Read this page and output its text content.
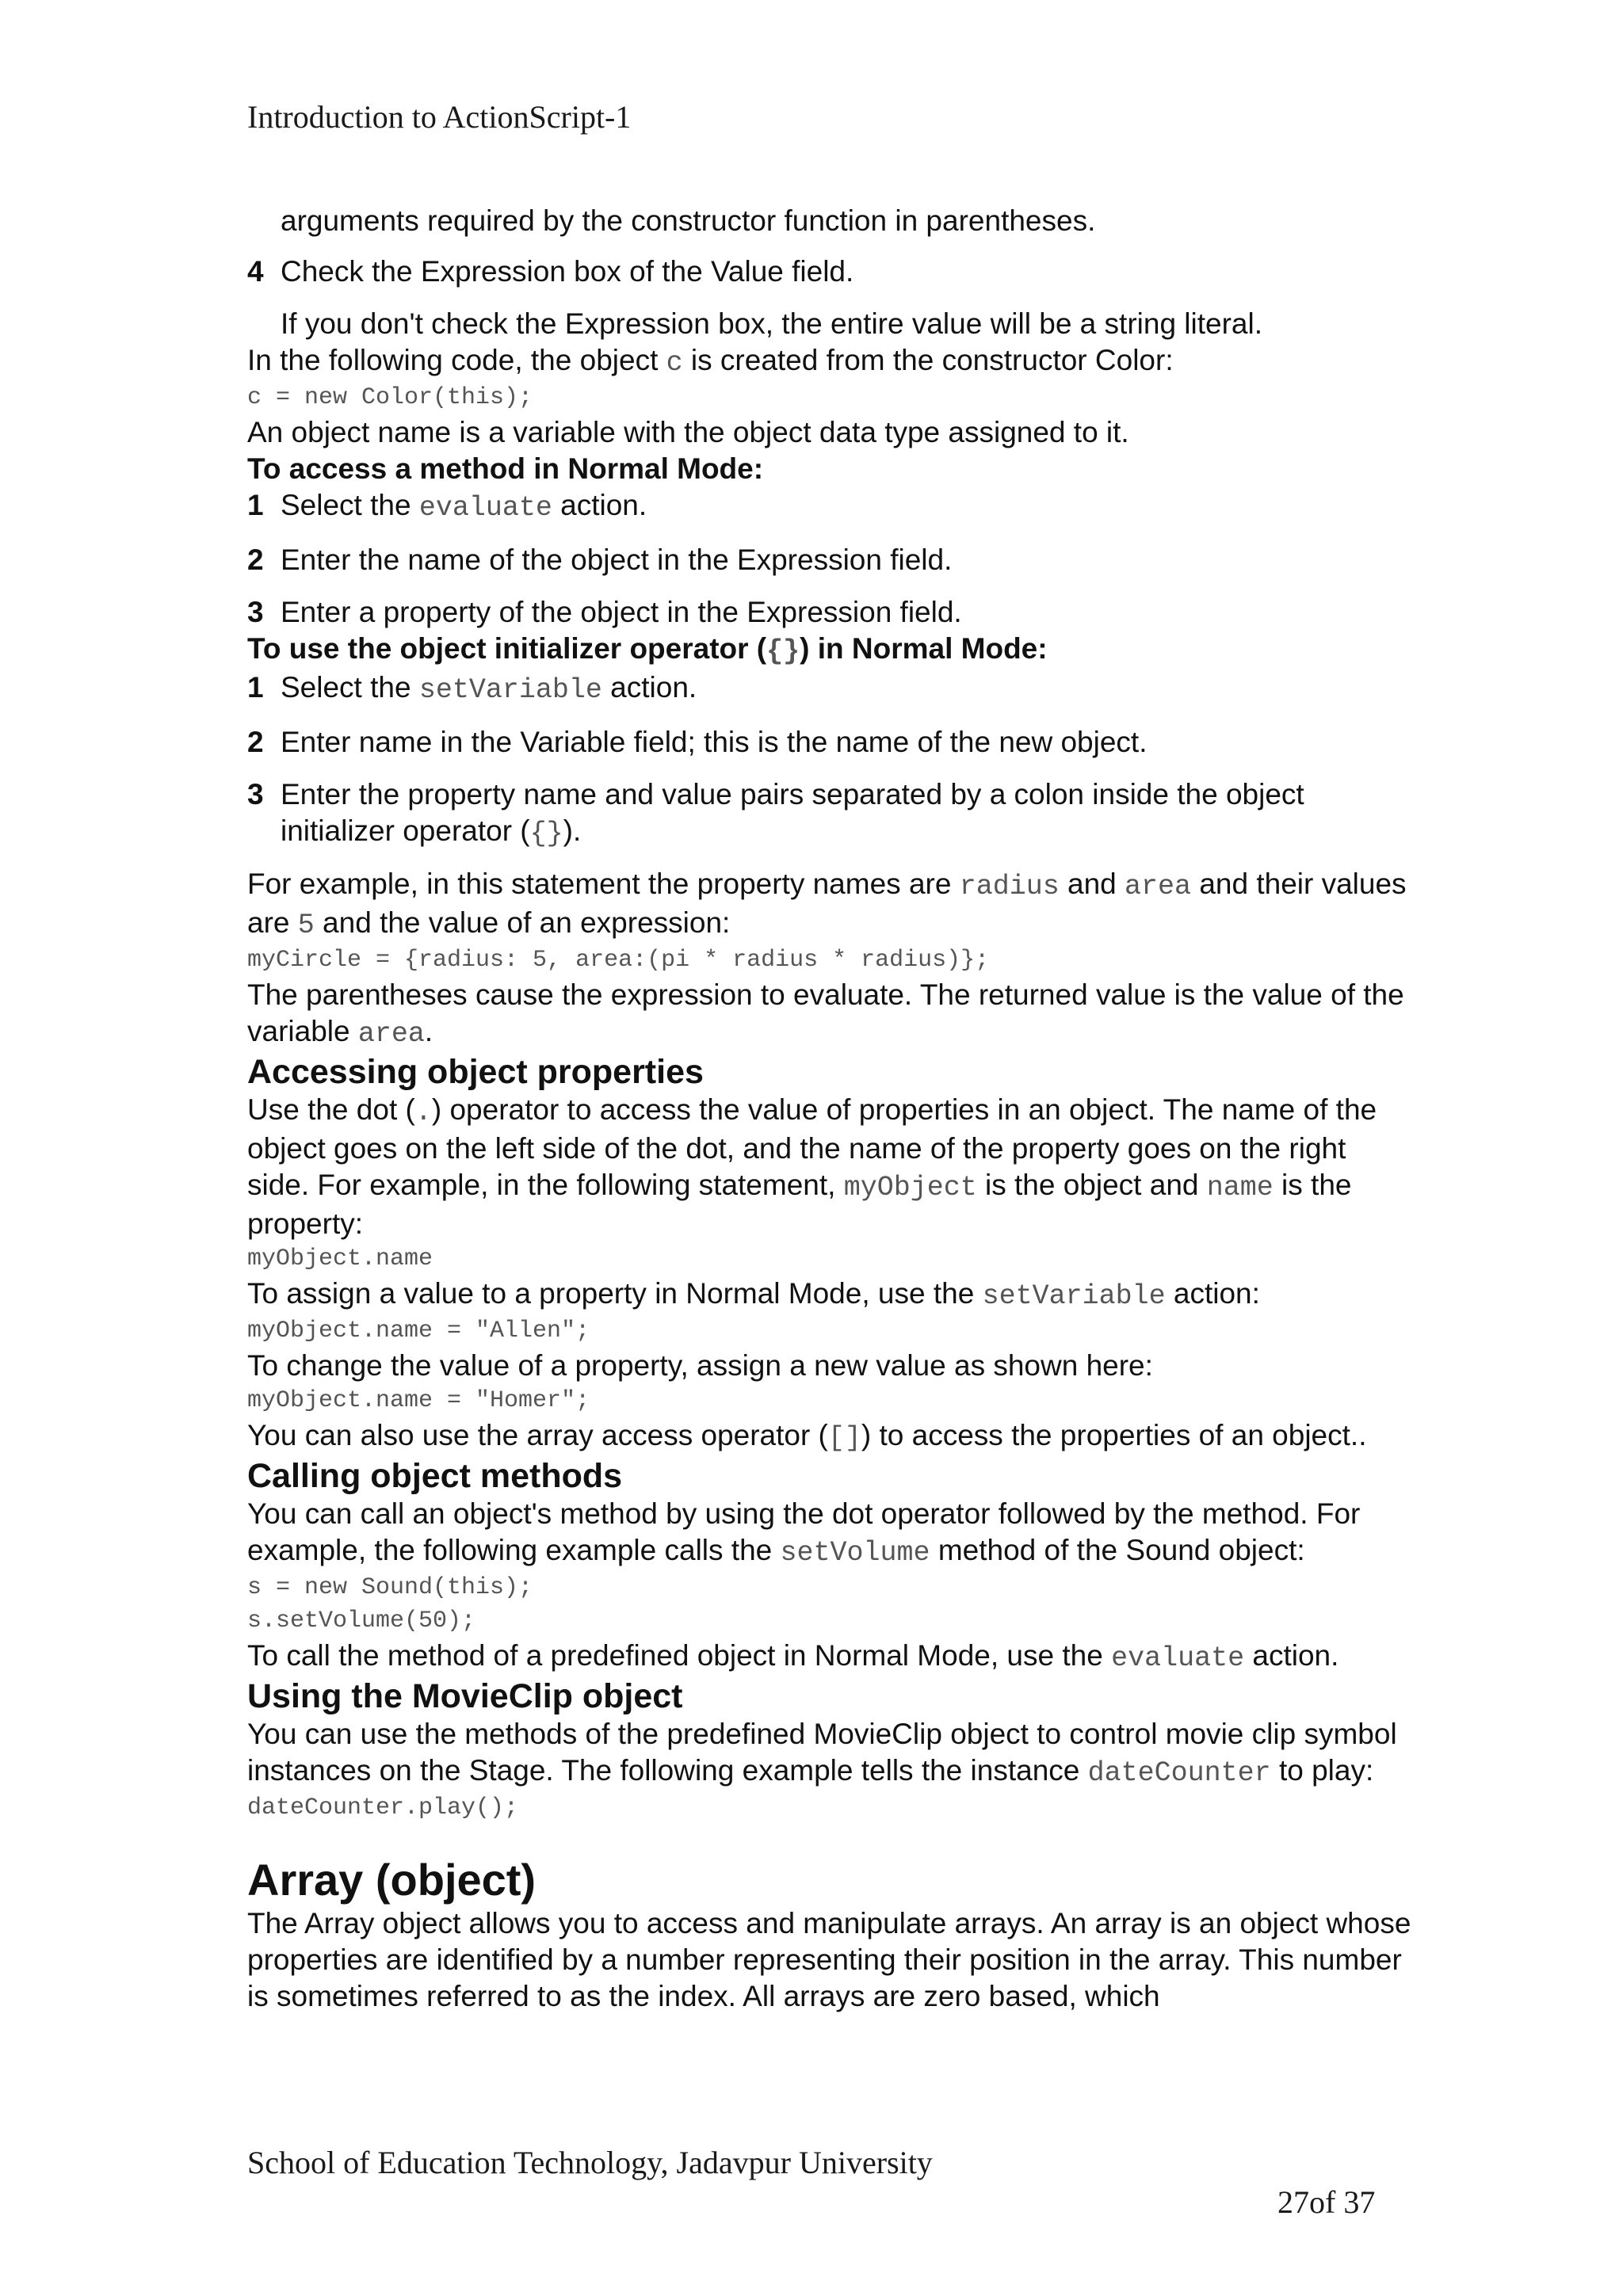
Introduction to ActionScript-1

arguments required by the constructor function in parentheses.

4 Check the Expression box of the Value field.

If you don't check the Expression box, the entire value will be a string literal.

In the following code, the object c is created from the constructor Color:

c = new Color(this);

An object name is a variable with the object data type assigned to it.

To access a method in Normal Mode:

1 Select the evaluate action.

2 Enter the name of the object in the Expression field.

3 Enter a property of the object in the Expression field.

To use the object initializer operator ({}) in Normal Mode:

1 Select the setVariable action.

2 Enter name in the Variable field; this is the name of the new object.

3 Enter the property name and value pairs separated by a colon inside the object initializer operator ({}).

For example, in this statement the property names are radius and area and their values are 5 and the value of an expression:

myCircle = {radius: 5, area:(pi * radius * radius)};

The parentheses cause the expression to evaluate. The returned value is the value of the variable area.

Accessing object properties

Use the dot (.) operator to access the value of properties in an object. The name of the object goes on the left side of the dot, and the name of the property goes on the right side. For example, in the following statement, myObject is the object and name is the property:

myObject.name

To assign a value to a property in Normal Mode, use the setVariable action:

myObject.name = "Allen";

To change the value of a property, assign a new value as shown here:

myObject.name = "Homer";

You can also use the array access operator ([]) to access the properties of an object..

Calling object methods

You can call an object's method by using the dot operator followed by the method. For example, the following example calls the setVolume method of the Sound object:

s = new Sound(this);
s.setVolume(50);

To call the method of a predefined object in Normal Mode, use the evaluate action.

Using the MovieClip object

You can use the methods of the predefined MovieClip object to control movie clip symbol instances on the Stage. The following example tells the instance dateCounter to play:

dateCounter.play();
Array (object)

The Array object allows you to access and manipulate arrays. An array is an object whose properties are identified by a number representing their position in the array. This number is sometimes referred to as the index. All arrays are zero based, which

School of Education Technology, Jadavpur University
27of 37
